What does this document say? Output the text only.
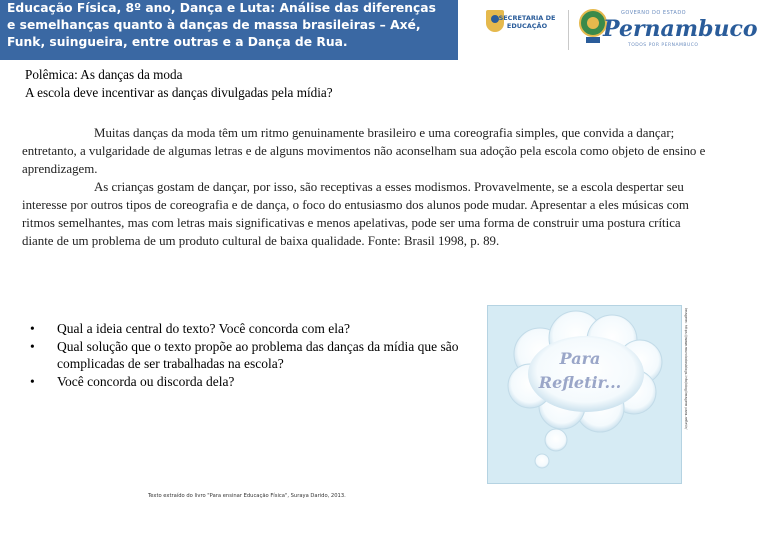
Educação Física, 8º ano, Dança e Luta: Análise das diferenças e semelhanças quanto à danças de massa brasileiras – Axé, Funk, suingueira, entre outras e a Dança de Rua.
SECRETARIA DE EDUCAÇÃO
GOVERNO DO ESTADO
Pernambuco
TODOS POR PERNAMBUCO
Polêmica: As danças da moda
A escola deve incentivar as danças divulgadas pela mídia?

Muitas danças da moda têm um ritmo genuinamente brasileiro e uma coreografia simples, que convida a dançar; entretanto, a vulgaridade de algumas letras e de alguns movimentos não aconselham sua adoção pela escola como objeto de ensino e aprendizagem.

As crianças gostam de dançar, por isso, são receptivas a esses modismos. Provavelmente, se a escola despertar seu interesse por outros tipos de coreografia e de dança, o foco do entusiasmo dos alunos pode mudar. Apresentar a eles músicas com ritmos semelhantes, mas com letras mais significativas e menos apelativas, pode ser uma forma de construir uma postura crítica diante de um problema de um produto cultural de baixa qualidade. Fonte: Brasil 1998, p. 89.

• Qual a ideia central do texto? Você concorda com ela?
• Qual solução que o texto propõe ao problema das danças da mídia que são complicadas de ser trabalhadas na escola?
• Você concorda ou discorda dela?
Texto extraído do livro "Para ensinar Educação Física", Suraya Darido, 2013.
Imagem: https://www.mundodosblogs.info/blog/imagem para-refletir/
Para
Refletir...
